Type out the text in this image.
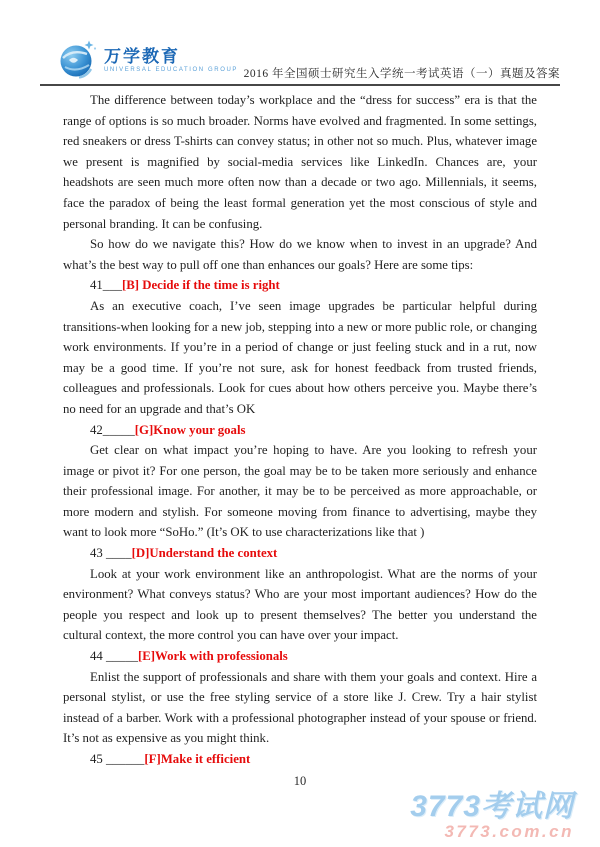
万学教育
UNIVERSAL EDUCATION GROUP 2016 年全国硕士研究生入学统一考试英语（一）真题及答案

The difference between today’s workplace and the “dress for success” era is that the range of options is so much broader. Norms have evolved and fragmented. In some settings, red sneakers or dress T-shirts can convey status; in other not so much. Plus, whatever image we present is magnified by social-media services like LinkedIn. Chances are, your headshots are seen much more often now than a decade or two ago. Millennials, it seems, face the paradox of being the least formal generation yet the most conscious of style and personal branding. It can be confusing.

So how do we navigate this? How do we know when to invest in an upgrade? And what’s the best way to pull off one than enhances our goals? Here are some tips:

41___[B] Decide if the time is right

As an executive coach, I’ve seen image upgrades be particular helpful during transitions-when looking for a new job, stepping into a new or more public role, or changing work environments. If you’re in a period of change or just feeling stuck and in a rut, now may be a good time. If you’re not sure, ask for honest feedback from trusted friends, colleagues and professionals. Look for cues about how others perceive you. Maybe there’s no need for an upgrade and that’s OK

42_____[G]Know your goals

Get clear on what impact you’re hoping to have. Are you looking to refresh your image or pivot it? For one person, the goal may be to be taken more seriously and enhance their professional image. For another, it may be to be perceived as more approachable, or more modern and stylish. For someone moving from finance to advertising, maybe they want to look more “SoHo.” (It’s OK to use characterizations like that )

43 ____[D]Understand the context

Look at your work environment like an anthropologist. What are the norms of your environment? What conveys status? Who are your most important audiences? How do the people you respect and look up to present themselves? The better you understand the cultural context, the more control you can have over your impact.

44 _____[E]Work with professionals

Enlist the support of professionals and share with them your goals and context. Hire a personal stylist, or use the free styling service of a store like J. Crew. Try a hair stylist instead of a barber. Work with a professional photographer instead of your spouse or friend. It’s not as expensive as you might think.

45 ______[F]Make it efficient

10
3773考试网
3773.com.cn
